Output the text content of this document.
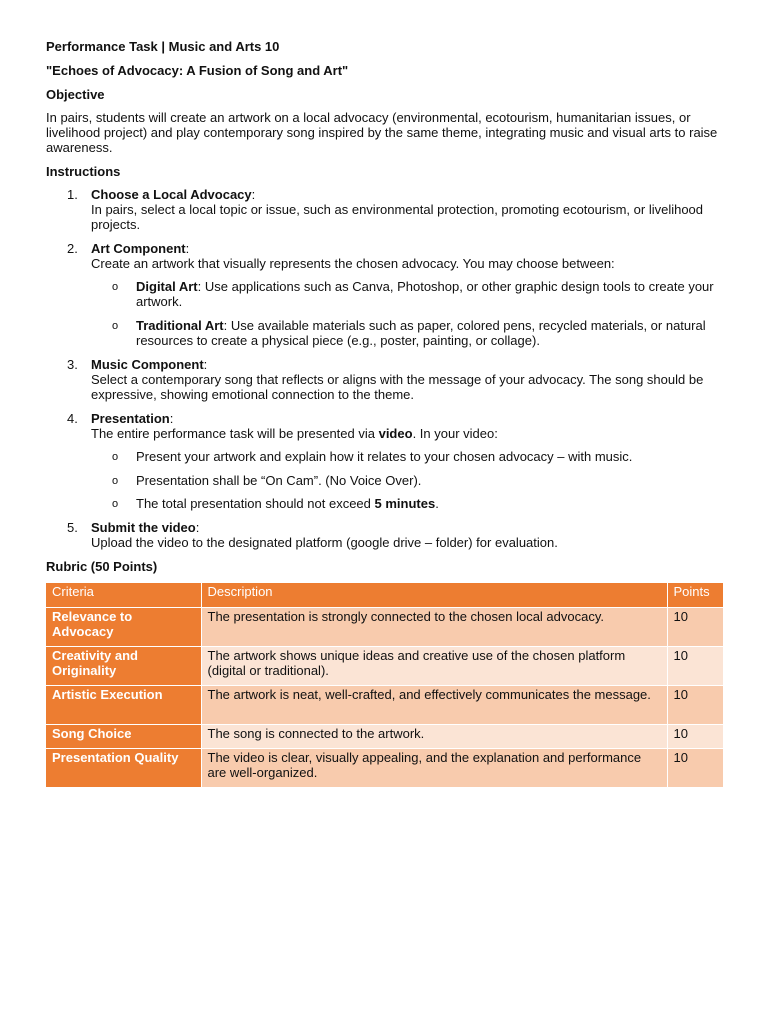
Performance Task | Music and Arts 10
"Echoes of Advocacy: A Fusion of Song and Art"
Objective
In pairs, students will create an artwork on a local advocacy (environmental, ecotourism, humanitarian issues, or livelihood project) and play contemporary song inspired by the same theme, integrating music and visual arts to raise awareness.
Instructions
1. Choose a Local Advocacy:
In pairs, select a local topic or issue, such as environmental protection, promoting ecotourism, or livelihood projects.
2. Art Component:
Create an artwork that visually represents the chosen advocacy. You may choose between:
o Digital Art: Use applications such as Canva, Photoshop, or other graphic design tools to create your artwork.
o Traditional Art: Use available materials such as paper, colored pens, recycled materials, or natural resources to create a physical piece (e.g., poster, painting, or collage).
3. Music Component:
Select a contemporary song that reflects or aligns with the message of your advocacy. The song should be expressive, showing emotional connection to the theme.
4. Presentation:
The entire performance task will be presented via video. In your video:
o Present your artwork and explain how it relates to your chosen advocacy – with music.
o Presentation shall be “On Cam”. (No Voice Over).
o The total presentation should not exceed 5 minutes.
5. Submit the video:
Upload the video to the designated platform (google drive – folder) for evaluation.
Rubric (50 Points)
Criteria	Description	Points
Relevance to Advocacy	The presentation is strongly connected to the chosen local advocacy.	10
Creativity and Originality	The artwork shows unique ideas and creative use of the chosen platform (digital or traditional).	10
Artistic Execution	The artwork is neat, well-crafted, and effectively communicates the message.	10
Song Choice	The song is connected to the artwork.	10
Presentation Quality	The video is clear, visually appealing, and the explanation and performance are well-organized.	10
